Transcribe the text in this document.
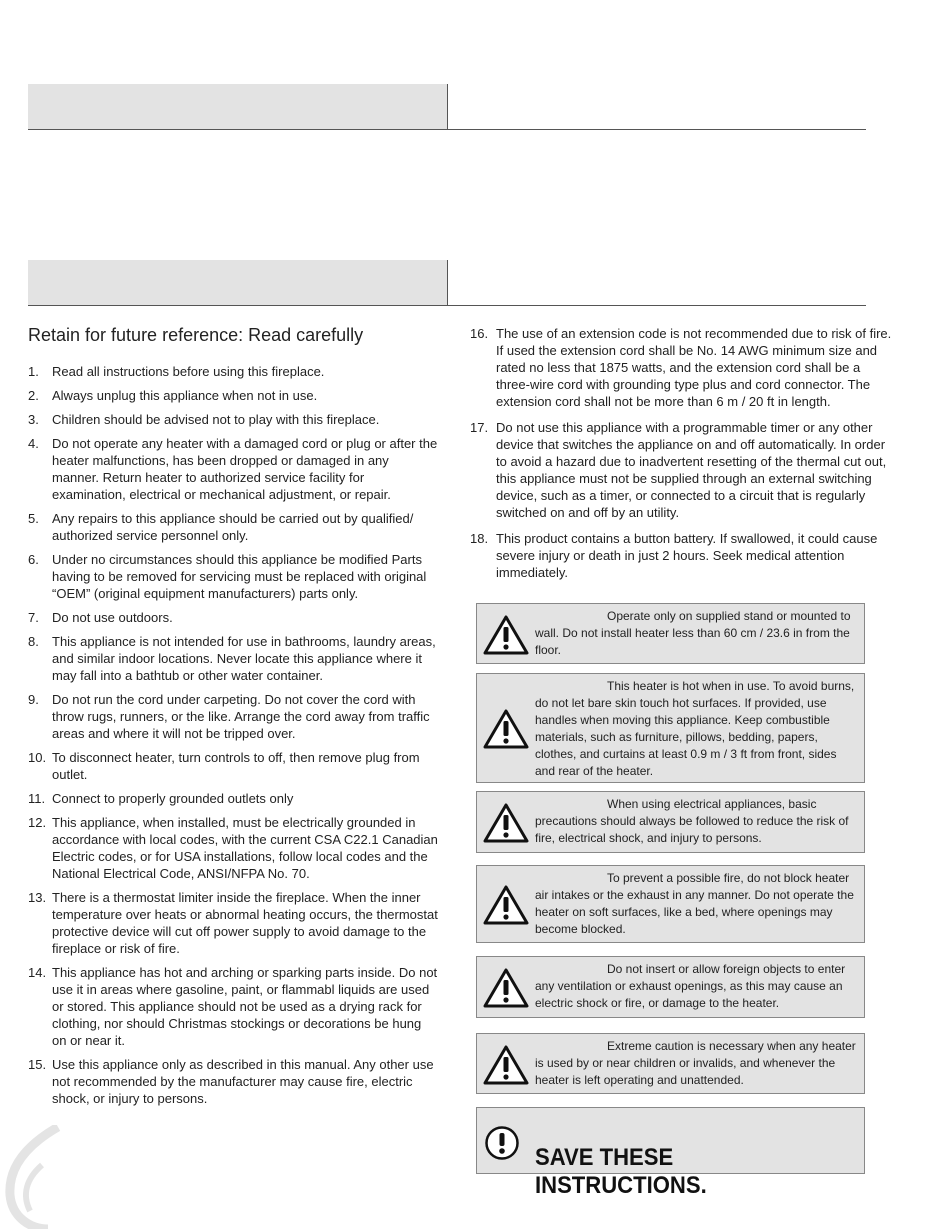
Retain for future reference: Read carefully
1. Read all instructions before using this fireplace.
2. Always unplug this appliance when not in use.
3. Children should be advised not to play with this fireplace.
4. Do not operate any heater with a damaged cord or plug or after the heater malfunctions, has been dropped or damaged in any manner. Return heater to authorized service facility for examination, electrical or mechanical adjustment, or repair.
5. Any repairs to this appliance should be carried out by qualified/ authorized service personnel only.
6. Under no circumstances should this appliance be modified Parts having to be removed for servicing must be replaced with original “OEM” (original equipment manufacturers) parts only.
7. Do not use outdoors.
8. This appliance is not intended for use in bathrooms, laundry areas, and similar indoor locations. Never locate this appliance where it may fall into a bathtub or other water container.
9. Do not run the cord under carpeting. Do not cover the cord with throw rugs, runners, or the like. Arrange the cord away from traffic areas and where it will not be tripped over.
10. To disconnect heater, turn controls to off, then remove plug from outlet.
11. Connect to properly grounded outlets only
12. This appliance, when installed, must be electrically grounded in accordance with local codes, with the current CSA C22.1 Canadian Electric codes, or for USA installations, follow local codes and the National Electrical Code, ANSI/NFPA No. 70.
13. There is a thermostat limiter inside the fireplace. When the inner temperature over heats or abnormal heating occurs, the thermostat protective device will cut off power supply to avoid damage to the fireplace or risk of fire.
14. This appliance has hot and arching or sparking parts inside. Do not use it in areas where gasoline, paint, or flammabl liquids are used or stored. This appliance should not be used as a drying rack for clothing, nor should Christmas stockings or decorations be hung on or near it.
15. Use this appliance only as described in this manual. Any other use not recommended by the manufacturer may cause fire, electric shock, or injury to persons.
16. The use of an extension code is not recommended due to risk of fire. If used the extension cord shall be No. 14 AWG minimum size and rated no less that 1875 watts, and the extension cord shall be a three-wire cord with grounding type plus and cord connector. The extension cord shall not be more than 6 m / 20 ft in length.
17. Do not use this appliance with a programmable timer or any other device that switches the appliance on and off automatically. In order to avoid a hazard due to inadvertent resetting of the thermal cut out, this appliance must not be supplied through an external switching device, such as a timer, or connected to a circuit that is regularly switched on and off by an utility.
18. This product contains a button battery. If swallowed, it could cause severe injury or death in just 2 hours. Seek medical attention immediately.
Operate only on supplied stand or mounted to
wall. Do not install heater less than 60 cm / 23.6 in from the floor.
This heater is hot when in use. To avoid burns,
do not let bare skin touch hot surfaces. If provided, use handles when moving this appliance. Keep combustible materials, such as furniture, pillows, bedding, papers, clothes, and curtains at least 0.9 m / 3 ft from front, sides and rear of the heater.
When using electrical appliances, basic
precautions should always be followed to reduce the risk of fire, electrical shock, and injury to persons.
To prevent a possible fire, do not block heater
air intakes or the exhaust in any manner. Do not operate the heater on soft surfaces, like a bed, where openings may become blocked.
Do not insert or allow foreign objects to enter
any ventilation or exhaust openings, as this may cause an electric shock or fire, or damage to the heater.
Extreme caution is necessary when any heater
is used by or near children or invalids, and whenever the heater is left operating and unattended.
SAVE THESE INSTRUCTIONS.
